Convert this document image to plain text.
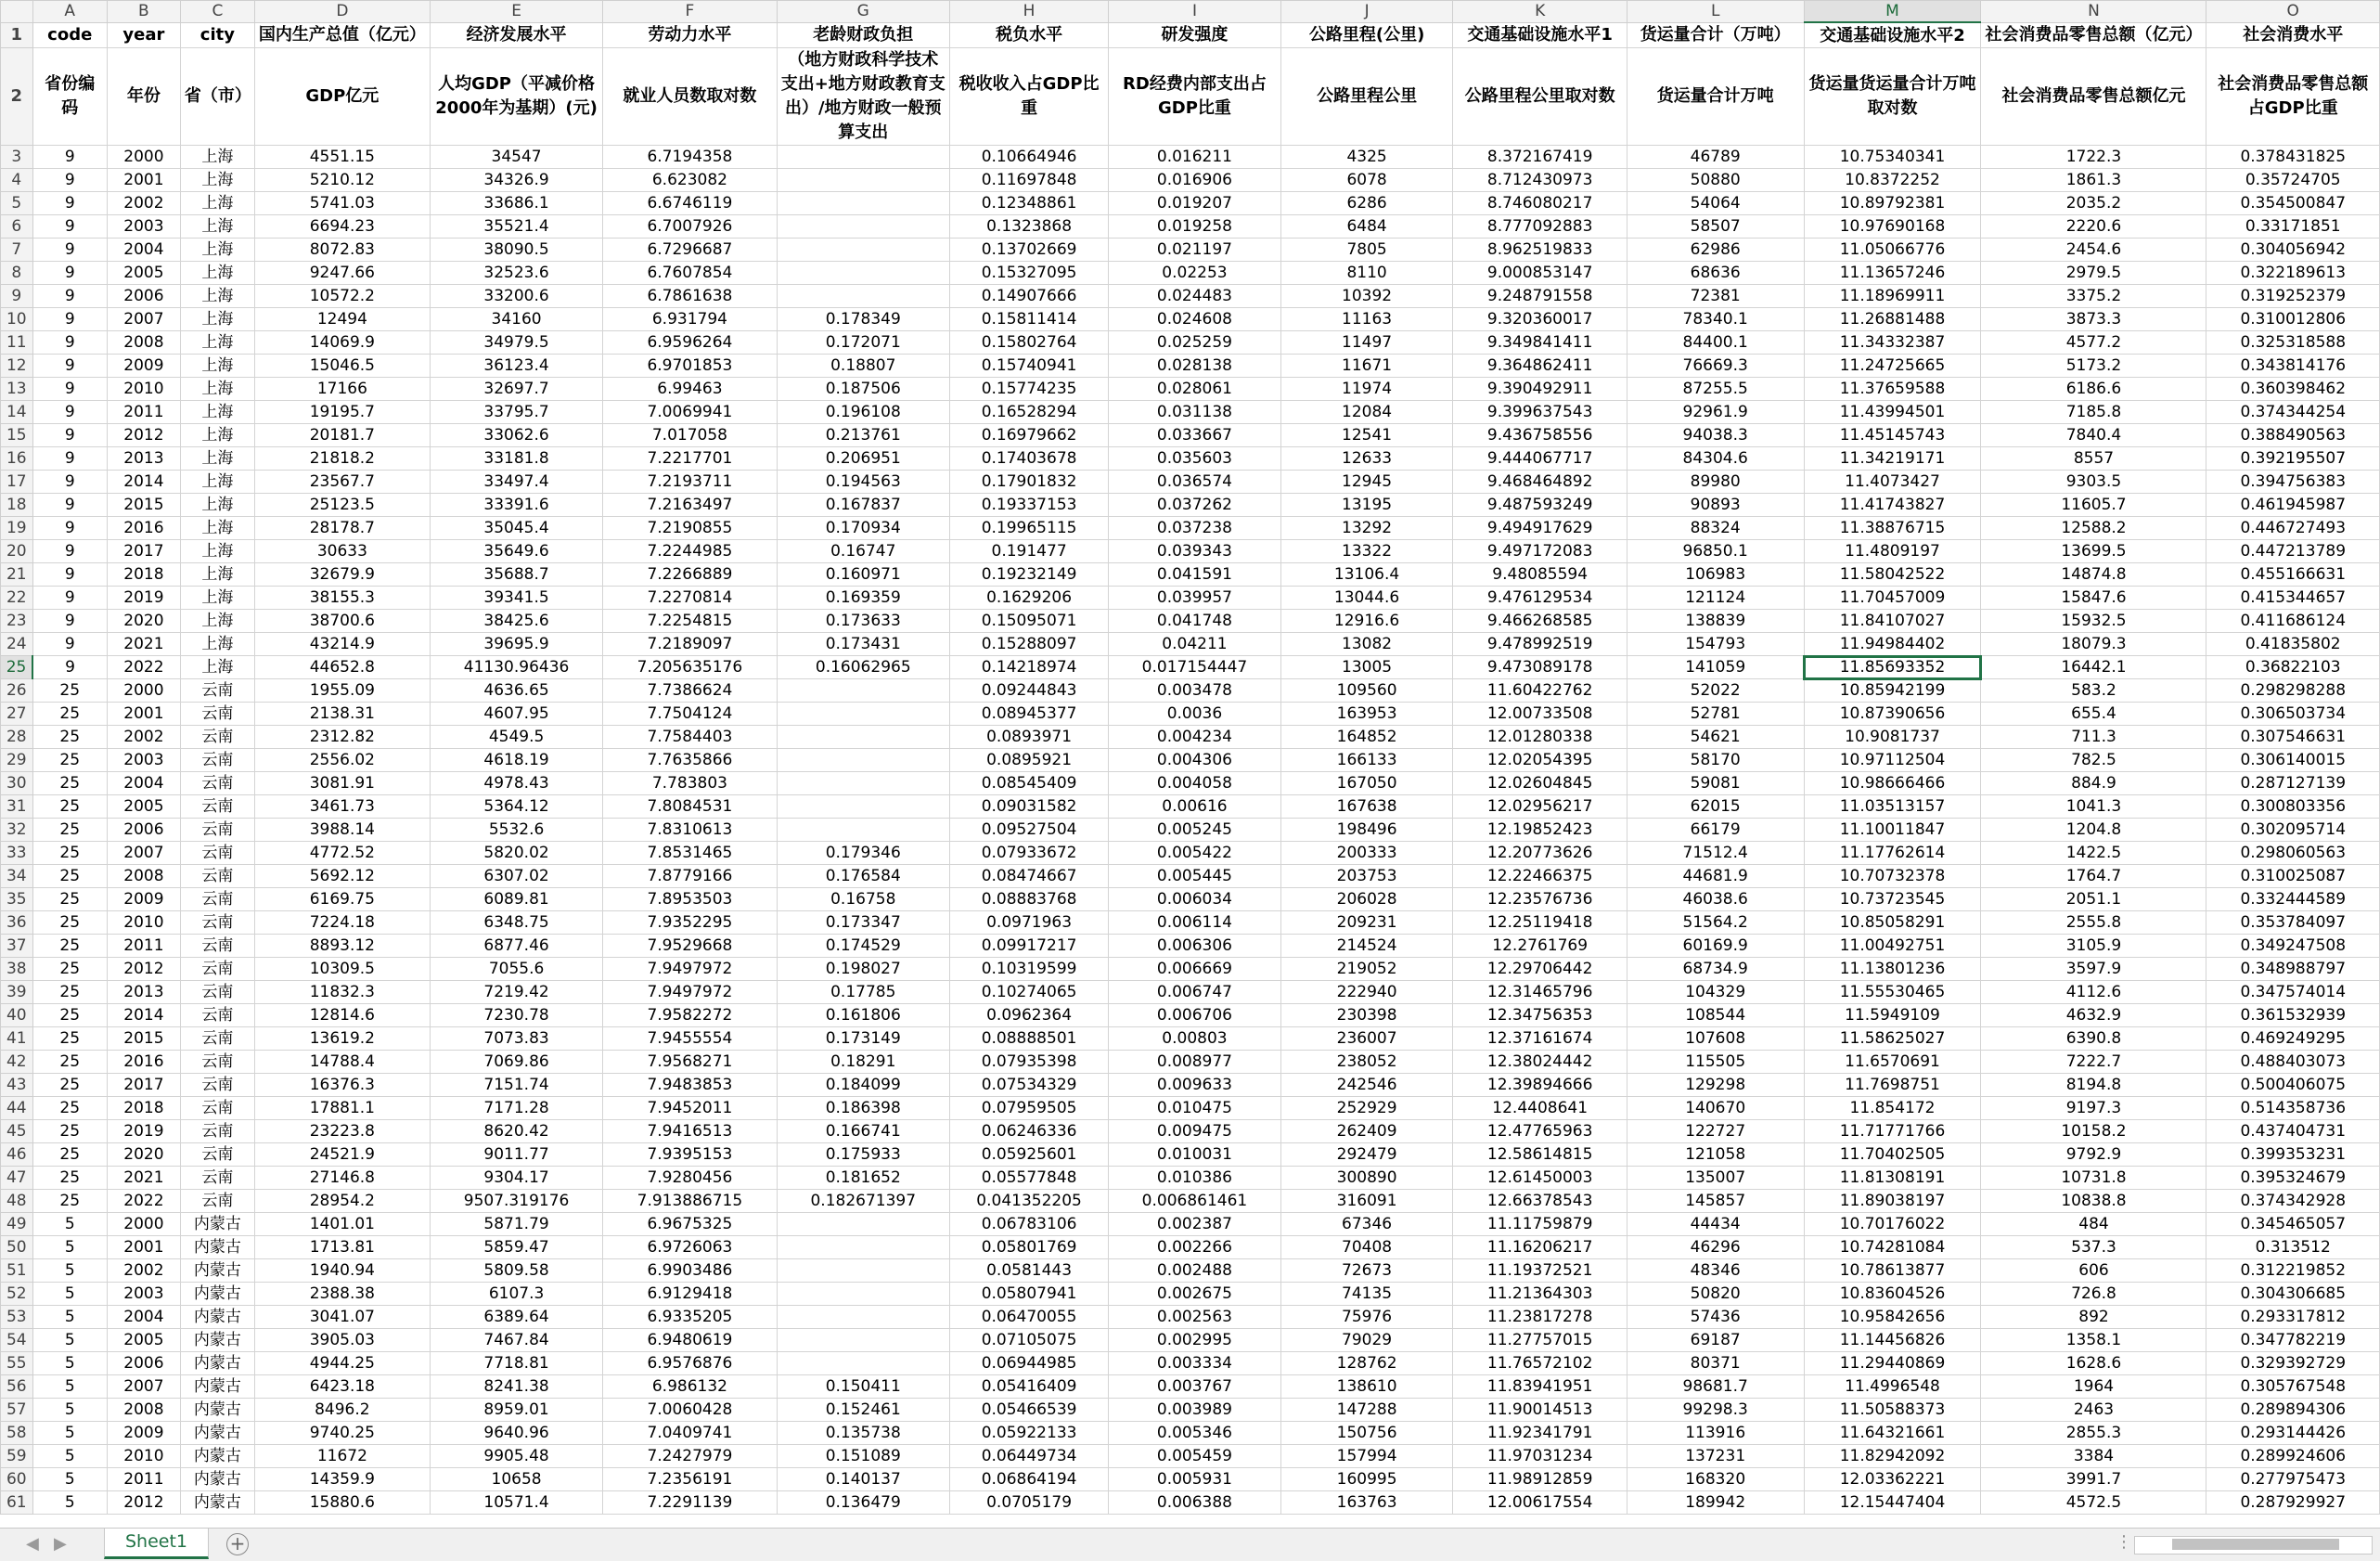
	A	B	C	D	E	F	G	H	I	J	K	L	M	N	O
1	code	year	city	国内生产总值（亿元）	经济发展水平	劳动力水平	老龄财政负担	税负水平	研发强度	公路里程(公里)	交通基础设施水平1	货运量合计（万吨）	交通基础设施水平2	社会消费品零售总额（亿元）	社会消费水平
2	省份编码	年份	省（市）	GDP亿元	人均GDP（平减价格2000年为基期）(元)	就业人员数取对数	（地方财政科学技术支出+地方财政教育支出）/地方财政一般预算支出	税收收入占GDP比重	RD经费内部支出占GDP比重	公路里程公里	公路里程公里取对数	货运量合计万吨	货运量货运量合计万吨取对数	社会消费品零售总额亿元	社会消费品零售总额占GDP比重
3	9	2000	上海	4551.15	34547	6.7194358		0.10664946	0.016211	4325	8.372167419	46789	10.75340341	1722.3	0.378431825
4	9	2001	上海	5210.12	34326.9	6.623082		0.11697848	0.016906	6078	8.712430973	50880	10.8372252	1861.3	0.35724705
5	9	2002	上海	5741.03	33686.1	6.6746119		0.12348861	0.019207	6286	8.746080217	54064	10.89792381	2035.2	0.354500847
6	9	2003	上海	6694.23	35521.4	6.7007926		0.1323868	0.019258	6484	8.777092883	58507	10.97690168	2220.6	0.33171851
7	9	2004	上海	8072.83	38090.5	6.7296687		0.13702669	0.021197	7805	8.962519833	62986	11.05066776	2454.6	0.304056942
8	9	2005	上海	9247.66	32523.6	6.7607854		0.15327095	0.02253	8110	9.000853147	68636	11.13657246	2979.5	0.322189613
9	9	2006	上海	10572.2	33200.6	6.7861638		0.14907666	0.024483	10392	9.248791558	72381	11.18969911	3375.2	0.319252379
10	9	2007	上海	12494	34160	6.931794	0.178349	0.15811414	0.024608	11163	9.320360017	78340.1	11.26881488	3873.3	0.310012806
11	9	2008	上海	14069.9	34979.5	6.9596264	0.172071	0.15802764	0.025259	11497	9.349841411	84400.1	11.34332387	4577.2	0.325318588
12	9	2009	上海	15046.5	36123.4	6.9701853	0.18807	0.15740941	0.028138	11671	9.364862411	76669.3	11.24725665	5173.2	0.343814176
13	9	2010	上海	17166	32697.7	6.99463	0.187506	0.15774235	0.028061	11974	9.390492911	87255.5	11.37659588	6186.6	0.360398462
14	9	2011	上海	19195.7	33795.7	7.0069941	0.196108	0.16528294	0.031138	12084	9.399637543	92961.9	11.43994501	7185.8	0.374344254
15	9	2012	上海	20181.7	33062.6	7.017058	0.213761	0.16979662	0.033667	12541	9.436758556	94038.3	11.45145743	7840.4	0.388490563
16	9	2013	上海	21818.2	33181.8	7.2217701	0.206951	0.17403678	0.035603	12633	9.444067717	84304.6	11.34219171	8557	0.392195507
17	9	2014	上海	23567.7	33497.4	7.2193711	0.194563	0.17901832	0.036574	12945	9.468464892	89980	11.4073427	9303.5	0.394756383
18	9	2015	上海	25123.5	33391.6	7.2163497	0.167837	0.19337153	0.037262	13195	9.487593249	90893	11.41743827	11605.7	0.461945987
19	9	2016	上海	28178.7	35045.4	7.2190855	0.170934	0.19965115	0.037238	13292	9.494917629	88324	11.38876715	12588.2	0.446727493
20	9	2017	上海	30633	35649.6	7.2244985	0.16747	0.191477	0.039343	13322	9.497172083	96850.1	11.4809197	13699.5	0.447213789
21	9	2018	上海	32679.9	35688.7	7.2266889	0.160971	0.19232149	0.041591	13106.4	9.48085594	106983	11.58042522	14874.8	0.455166631
22	9	2019	上海	38155.3	39341.5	7.2270814	0.169359	0.1629206	0.039957	13044.6	9.476129534	121124	11.70457009	15847.6	0.415344657
23	9	2020	上海	38700.6	38425.6	7.2254815	0.173633	0.15095071	0.041748	12916.6	9.466268585	138839	11.84107027	15932.5	0.411686124
24	9	2021	上海	43214.9	39695.9	7.2189097	0.173431	0.15288097	0.04211	13082	9.478992519	154793	11.94984402	18079.3	0.41835802
25	9	2022	上海	44652.8	41130.96436	7.205635176	0.16062965	0.14218974	0.017154447	13005	9.473089178	141059	11.85693352	16442.1	0.36822103
26	25	2000	云南	1955.09	4636.65	7.7386624		0.09244843	0.003478	109560	11.60422762	52022	10.85942199	583.2	0.298298288
27	25	2001	云南	2138.31	4607.95	7.7504124		0.08945377	0.0036	163953	12.00733508	52781	10.87390656	655.4	0.306503734
28	25	2002	云南	2312.82	4549.5	7.7584403		0.0893971	0.004234	164852	12.01280338	54621	10.9081737	711.3	0.307546631
29	25	2003	云南	2556.02	4618.19	7.7635866		0.0895921	0.004306	166133	12.02054395	58170	10.97112504	782.5	0.306140015
30	25	2004	云南	3081.91	4978.43	7.783803		0.08545409	0.004058	167050	12.02604845	59081	10.98666466	884.9	0.287127139
31	25	2005	云南	3461.73	5364.12	7.8084531		0.09031582	0.00616	167638	12.02956217	62015	11.03513157	1041.3	0.300803356
32	25	2006	云南	3988.14	5532.6	7.8310613		0.09527504	0.005245	198496	12.19852423	66179	11.10011847	1204.8	0.302095714
33	25	2007	云南	4772.52	5820.02	7.8531465	0.179346	0.07933672	0.005422	200333	12.20773626	71512.4	11.17762614	1422.5	0.298060563
34	25	2008	云南	5692.12	6307.02	7.8779166	0.176584	0.08474667	0.005445	203753	12.22466375	44681.9	10.70732378	1764.7	0.310025087
35	25	2009	云南	6169.75	6089.81	7.8953503	0.16758	0.08883768	0.006034	206028	12.23576736	46038.6	10.73723545	2051.1	0.332444589
36	25	2010	云南	7224.18	6348.75	7.9352295	0.173347	0.0971963	0.006114	209231	12.25119418	51564.2	10.85058291	2555.8	0.353784097
37	25	2011	云南	8893.12	6877.46	7.9529668	0.174529	0.09917217	0.006306	214524	12.2761769	60169.9	11.00492751	3105.9	0.349247508
38	25	2012	云南	10309.5	7055.6	7.9497972	0.198027	0.10319599	0.006669	219052	12.29706442	68734.9	11.13801236	3597.9	0.348988797
39	25	2013	云南	11832.3	7219.42	7.9497972	0.17785	0.10274065	0.006747	222940	12.31465796	104329	11.55530465	4112.6	0.347574014
40	25	2014	云南	12814.6	7230.78	7.9582272	0.161806	0.0962364	0.006706	230398	12.34756353	108544	11.5949109	4632.9	0.361532939
41	25	2015	云南	13619.2	7073.83	7.9455554	0.173149	0.08888501	0.00803	236007	12.37161674	107608	11.58625027	6390.8	0.469249295
42	25	2016	云南	14788.4	7069.86	7.9568271	0.18291	0.07935398	0.008977	238052	12.38024442	115505	11.6570691	7222.7	0.488403073
43	25	2017	云南	16376.3	7151.74	7.9483853	0.184099	0.07534329	0.009633	242546	12.39894666	129298	11.7698751	8194.8	0.500406075
44	25	2018	云南	17881.1	7171.28	7.9452011	0.186398	0.07959505	0.010475	252929	12.4408641	140670	11.854172	9197.3	0.514358736
45	25	2019	云南	23223.8	8620.42	7.9416513	0.166741	0.06246336	0.009475	262409	12.47765963	122727	11.71771766	10158.2	0.437404731
46	25	2020	云南	24521.9	9011.77	7.9395153	0.175933	0.05925601	0.010031	292479	12.58614815	121058	11.70402505	9792.9	0.399353231
47	25	2021	云南	27146.8	9304.17	7.9280456	0.181652	0.05577848	0.010386	300890	12.61450003	135007	11.81308191	10731.8	0.395324679
48	25	2022	云南	28954.2	9507.319176	7.913886715	0.182671397	0.041352205	0.006861461	316091	12.66378543	145857	11.89038197	10838.8	0.374342928
49	5	2000	内蒙古	1401.01	5871.79	6.9675325		0.06783106	0.002387	67346	11.11759879	44434	10.70176022	484	0.345465057
50	5	2001	内蒙古	1713.81	5859.47	6.9726063		0.05801769	0.002266	70408	11.16206217	46296	10.74281084	537.3	0.313512
51	5	2002	内蒙古	1940.94	5809.58	6.9903486		0.0581443	0.002488	72673	11.19372521	48346	10.78613877	606	0.312219852
52	5	2003	内蒙古	2388.38	6107.3	6.9129418		0.05807941	0.002675	74135	11.21364303	50820	10.83604526	726.8	0.304306685
53	5	2004	内蒙古	3041.07	6389.64	6.9335205		0.06470055	0.002563	75976	11.23817278	57436	10.95842656	892	0.293317812
54	5	2005	内蒙古	3905.03	7467.84	6.9480619		0.07105075	0.002995	79029	11.27757015	69187	11.14456826	1358.1	0.347782219
55	5	2006	内蒙古	4944.25	7718.81	6.9576876		0.06944985	0.003334	128762	11.76572102	80371	11.29440869	1628.6	0.329392729
56	5	2007	内蒙古	6423.18	8241.38	6.986132	0.150411	0.05416409	0.003767	138610	11.83941951	98681.7	11.4996548	1964	0.305767548
57	5	2008	内蒙古	8496.2	8959.01	7.0060428	0.152461	0.05466539	0.003989	147288	11.90014513	99298.3	11.50588373	2463	0.289894306
58	5	2009	内蒙古	9740.25	9640.96	7.0409741	0.135738	0.05922133	0.005346	150756	11.92341791	113916	11.64321661	2855.3	0.293144426
59	5	2010	内蒙古	11672	9905.48	7.2427979	0.151089	0.06449734	0.005459	157994	11.97031234	137231	11.82942092	3384	0.289924606
60	5	2011	内蒙古	14359.9	10658	7.2356191	0.140137	0.06864194	0.005931	160995	11.98912859	168320	12.03362221	3991.7	0.277975473
61	5	2012	内蒙古	15880.6	10571.4	7.2291139	0.136479	0.0705179	0.006388	163763	12.00617554	189942	12.15447404	4572.5	0.287929927
◀ ▶	Sheet1	+	⋮
